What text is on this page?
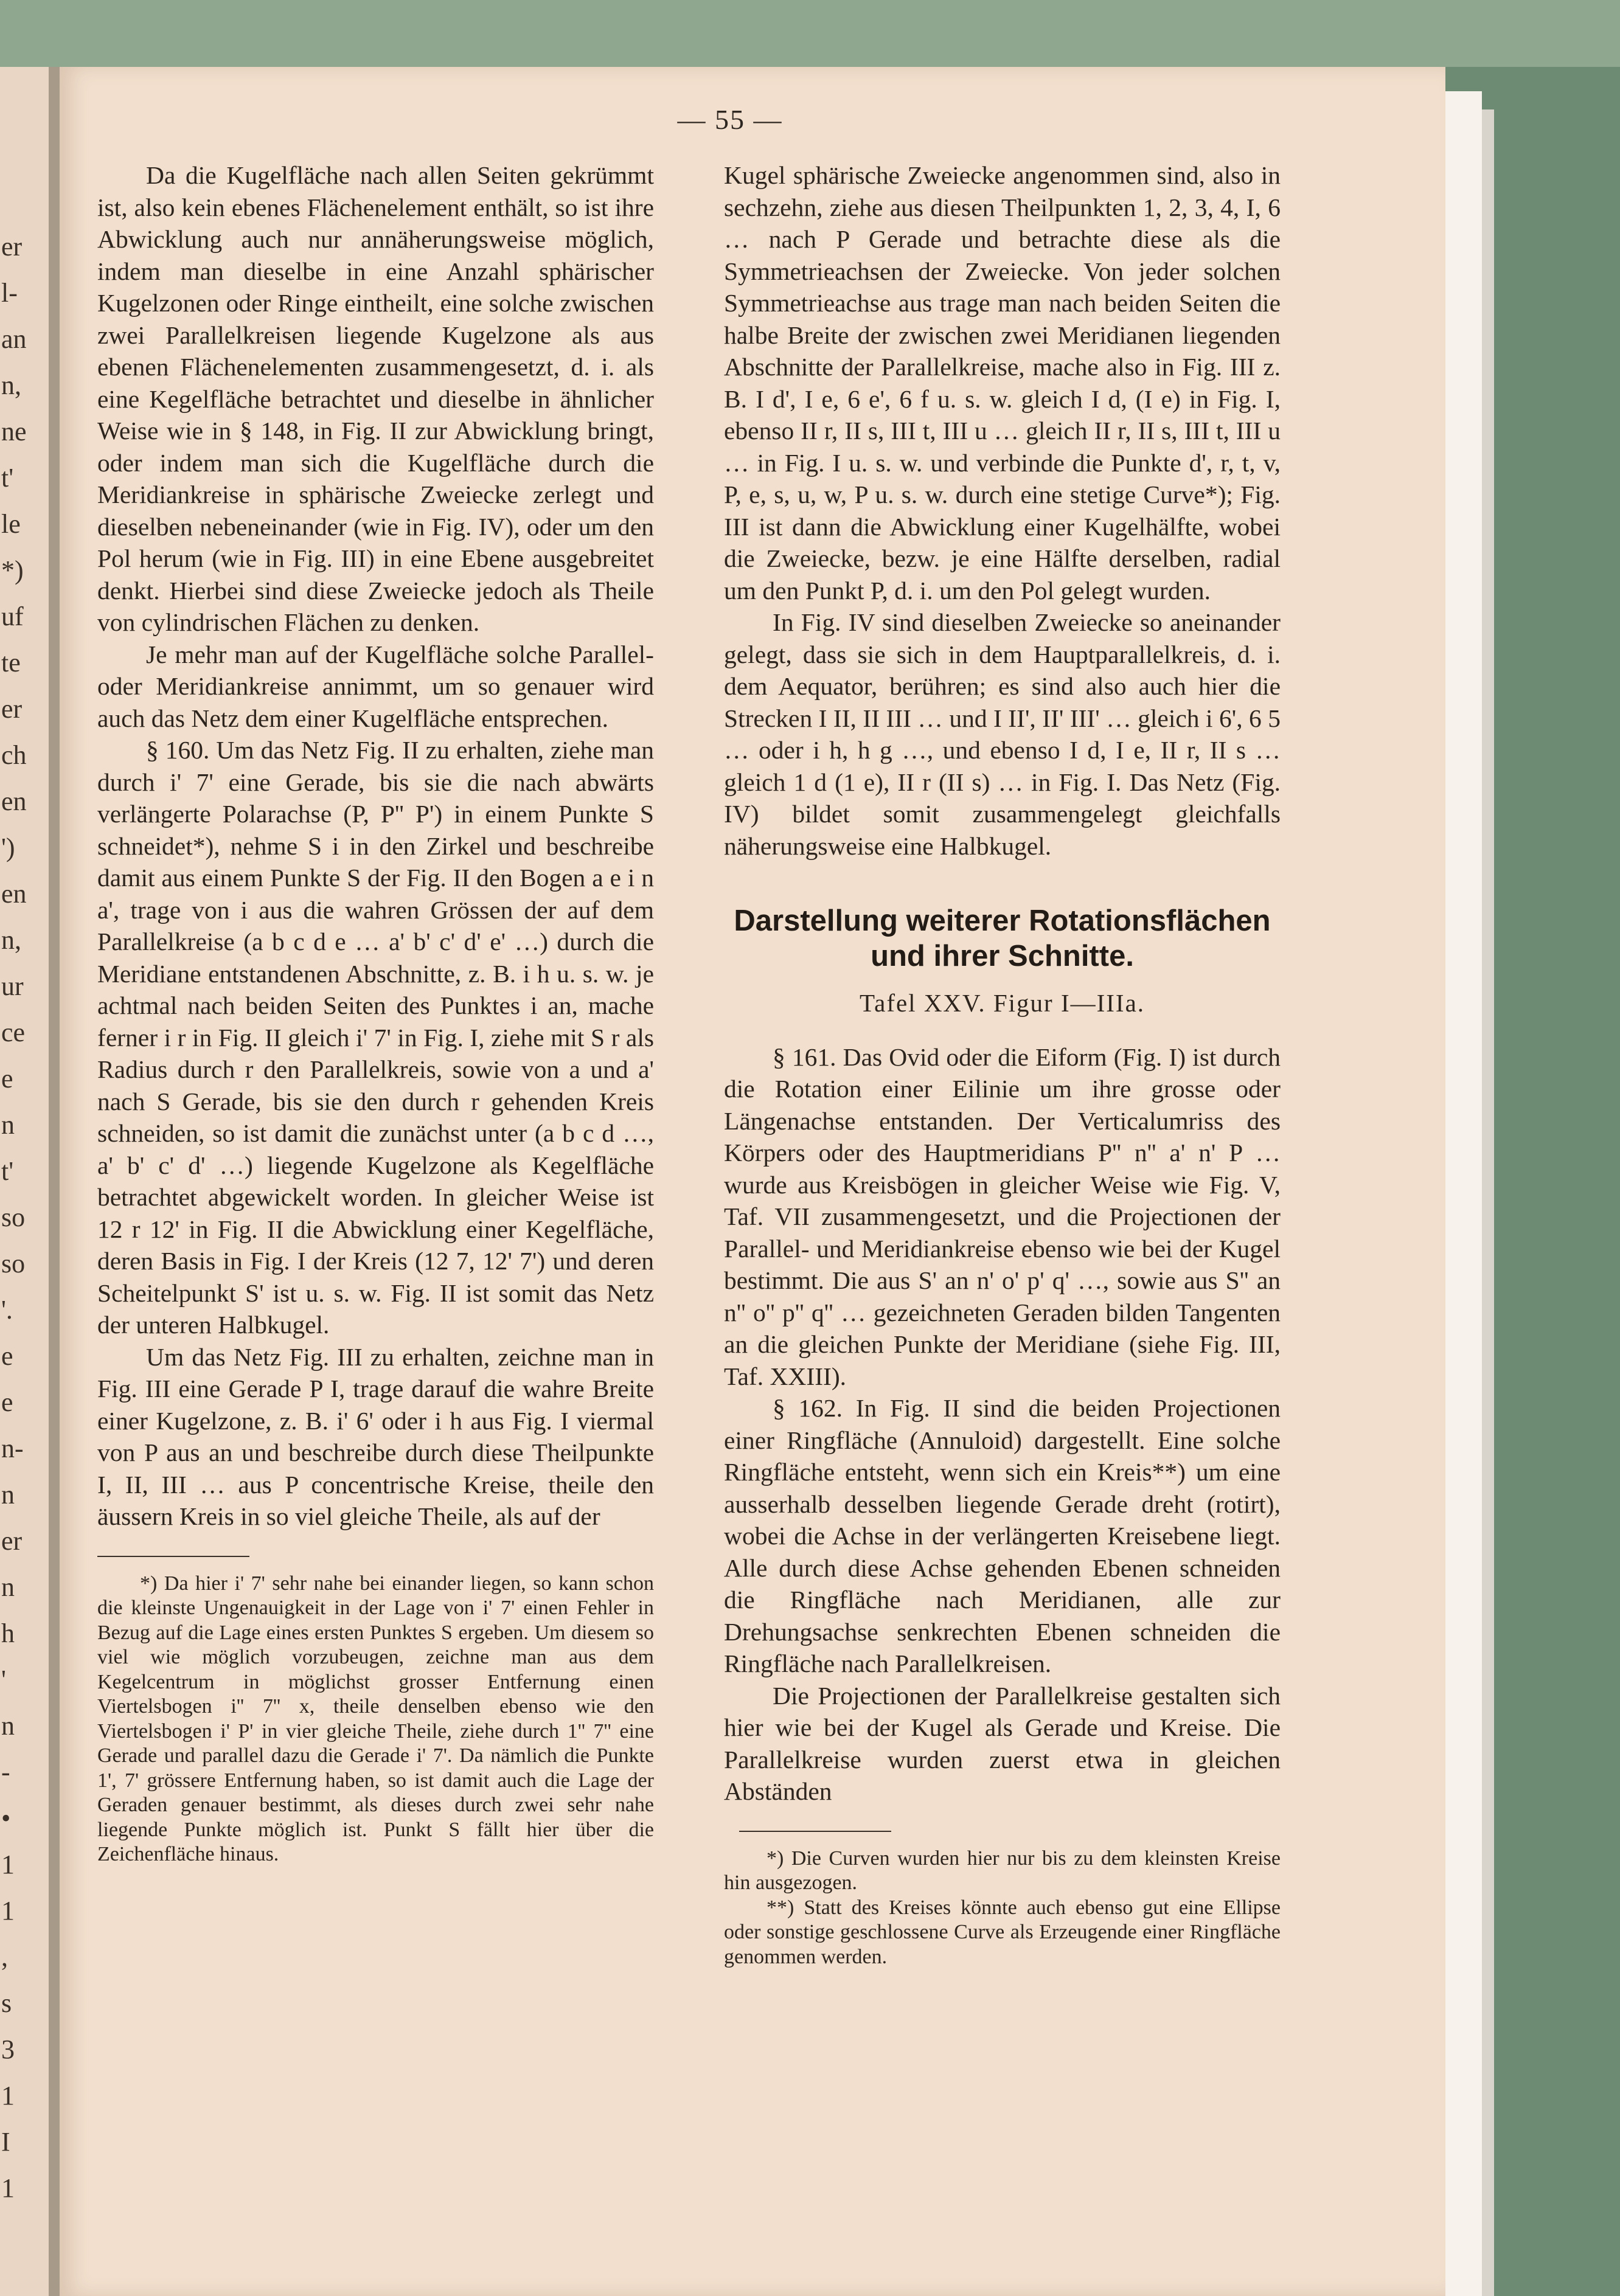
er
l-
an
n,
ne
t'
le
*)
uf
te
er
ch
en
')
en
n,
ur
ce
e
n
t'
so
so
'.
e
e
n-
n
er
n
h
'
n
-
•
1
1
,
s
3
1
I
1
— 55 —

Da die Kugelfläche nach allen Seiten gekrümmt ist, also kein ebenes Flächenelement enthält, so ist ihre Abwicklung auch nur annäherungsweise möglich, indem man dieselbe in eine Anzahl sphärischer Kugelzonen oder Ringe eintheilt, eine solche zwischen zwei Parallelkreisen liegende Kugelzone als aus ebenen Flächenelementen zusammengesetzt, d. i. als eine Kegelfläche betrachtet und dieselbe in ähnlicher Weise wie in § 148, in Fig. II zur Abwicklung bringt, oder indem man sich die Kugelfläche durch die Meridiankreise in sphärische Zweiecke zerlegt und dieselben nebeneinander (wie in Fig. IV), oder um den Pol herum (wie in Fig. III) in eine Ebene ausgebreitet denkt. Hierbei sind diese Zweiecke jedoch als Theile von cylindrischen Flächen zu denken.

Je mehr man auf der Kugelfläche solche Parallel- oder Meridiankreise annimmt, um so genauer wird auch das Netz dem einer Kugelfläche entsprechen.

§ 160. Um das Netz Fig. II zu erhalten, ziehe man durch i' 7' eine Gerade, bis sie die nach abwärts verlängerte Polarachse (P, P'' P') in einem Punkte S schneidet*), nehme S i in den Zirkel und beschreibe damit aus einem Punkte S der Fig. II den Bogen a e i n a', trage von i aus die wahren Grössen der auf dem Parallelkreise (a b c d e … a' b' c' d' e' …) durch die Meridiane entstandenen Abschnitte, z. B. i h u. s. w. je achtmal nach beiden Seiten des Punktes i an, mache ferner i r in Fig. II gleich i' 7' in Fig. I, ziehe mit S r als Radius durch r den Parallelkreis, sowie von a und a' nach S Gerade, bis sie den durch r gehenden Kreis schneiden, so ist damit die zunächst unter (a b c d …, a' b' c' d' …) liegende Kugelzone als Kegelfläche betrachtet abgewickelt worden. In gleicher Weise ist 12 r 12' in Fig. II die Abwicklung einer Kegelfläche, deren Basis in Fig. I der Kreis (12 7, 12' 7') und deren Scheitelpunkt S' ist u. s. w. Fig. II ist somit das Netz der unteren Halbkugel.

Um das Netz Fig. III zu erhalten, zeichne man in Fig. III eine Gerade P I, trage darauf die wahre Breite einer Kugelzone, z. B. i' 6' oder i h aus Fig. I viermal von P aus an und beschreibe durch diese Theilpunkte I, II, III … aus P concentrische Kreise, theile den äussern Kreis in so viel gleiche Theile, als auf der

*) Da hier i' 7' sehr nahe bei einander liegen, so kann schon die kleinste Ungenauigkeit in der Lage von i' 7' einen Fehler in Bezug auf die Lage eines ersten Punktes S ergeben. Um diesem so viel wie möglich vorzubeugen, zeichne man aus dem Kegelcentrum in möglichst grosser Entfernung einen Viertelsbogen i'' 7'' x, theile denselben ebenso wie den Viertelsbogen i' P' in vier gleiche Theile, ziehe durch 1'' 7'' eine Gerade und parallel dazu die Gerade i' 7'. Da nämlich die Punkte 1', 7' grössere Entfernung haben, so ist damit auch die Lage der Geraden genauer bestimmt, als dieses durch zwei sehr nahe liegende Punkte möglich ist. Punkt S fällt hier über die Zeichenfläche hinaus.

Kugel sphärische Zweiecke angenommen sind, also in sechzehn, ziehe aus diesen Theilpunkten 1, 2, 3, 4, I, 6 … nach P Gerade und betrachte diese als die Symmetrieachsen der Zweiecke. Von jeder solchen Symmetrieachse aus trage man nach beiden Seiten die halbe Breite der zwischen zwei Meridianen liegenden Abschnitte der Parallelkreise, mache also in Fig. III z. B. I d', I e, 6 e', 6 f u. s. w. gleich I d, (I e) in Fig. I, ebenso II r, II s, III t, III u … gleich II r, II s, III t, III u … in Fig. I u. s. w. und verbinde die Punkte d', r, t, v, P, e, s, u, w, P u. s. w. durch eine stetige Curve*); Fig. III ist dann die Abwicklung einer Kugelhälfte, wobei die Zweiecke, bezw. je eine Hälfte derselben, radial um den Punkt P, d. i. um den Pol gelegt wurden.

In Fig. IV sind dieselben Zweiecke so aneinander gelegt, dass sie sich in dem Hauptparallelkreis, d. i. dem Aequator, berühren; es sind also auch hier die Strecken I II, II III … und I II', II' III' … gleich i 6', 6 5 … oder i h, h g …, und ebenso I d, I e, II r, II s … gleich 1 d (1 e), II r (II s) … in Fig. I. Das Netz (Fig. IV) bildet somit zusammengelegt gleichfalls näherungsweise eine Halbkugel.

Darstellung weiterer Rotationsflächen
und ihrer Schnitte.
Tafel XXV. Figur I—IIIa.

§ 161. Das Ovid oder die Eiform (Fig. I) ist durch die Rotation einer Eilinie um ihre grosse oder Längenachse entstanden. Der Verticalumriss des Körpers oder des Hauptmeridians P'' n'' a' n' P … wurde aus Kreisbögen in gleicher Weise wie Fig. V, Taf. VII zusammengesetzt, und die Projectionen der Parallel- und Meridiankreise ebenso wie bei der Kugel bestimmt. Die aus S' an n' o' p' q' …, sowie aus S'' an n'' o'' p'' q'' … gezeichneten Geraden bilden Tangenten an die gleichen Punkte der Meridiane (siehe Fig. III, Taf. XXIII).

§ 162. In Fig. II sind die beiden Projectionen einer Ringfläche (Annuloid) dargestellt. Eine solche Ringfläche entsteht, wenn sich ein Kreis**) um eine ausserhalb desselben liegende Gerade dreht (rotirt), wobei die Achse in der verlängerten Kreisebene liegt. Alle durch diese Achse gehenden Ebenen schneiden die Ringfläche nach Meridianen, alle zur Drehungsachse senkrechten Ebenen schneiden die Ringfläche nach Parallelkreisen.

Die Projectionen der Parallelkreise gestalten sich hier wie bei der Kugel als Gerade und Kreise. Die Parallelkreise wurden zuerst etwa in gleichen Abständen

*) Die Curven wurden hier nur bis zu dem kleinsten Kreise hin ausgezogen.

**) Statt des Kreises könnte auch ebenso gut eine Ellipse oder sonstige geschlossene Curve als Erzeugende einer Ringfläche genommen werden.
